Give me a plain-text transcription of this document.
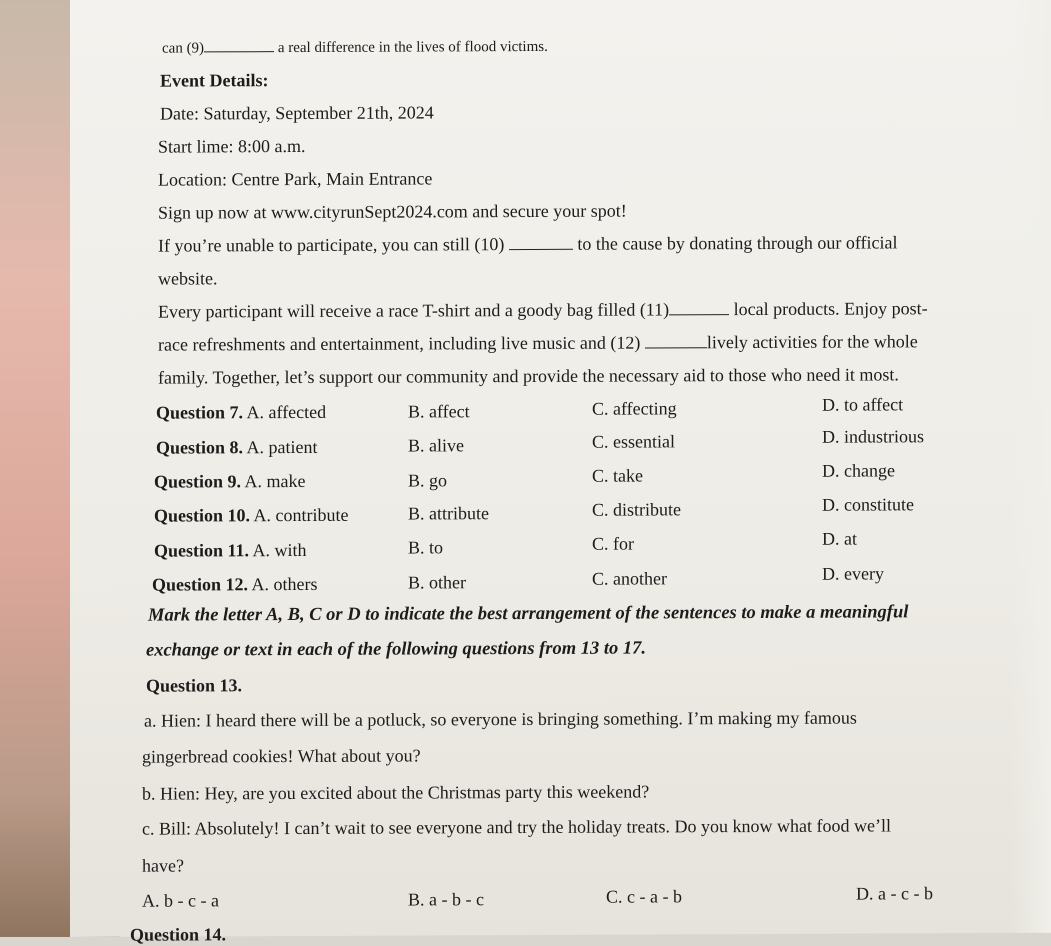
can (9)	a real difference in the lives of flood victims.
Event Details:
Date: Saturday, September 21th, 2024
Start lime: 8:00 a.m.
Location: Centre Park, Main Entrance
Sign up now at www.cityrunSept2024.com and secure your spot!
If you’re unable to participate, you can still (10)	to the cause by donating through our official
website.
Every participant will receive a race T-shirt and a goody bag filled (11)	local products. Enjoy post-
race refreshments and entertainment, including live music and (12)	lively activities for the whole
family. Together, let’s support our community and provide the necessary aid to those who need it most.
Question 7. A. affected	B. affect	C. affecting	D. to affect
Question 8. A. patient	B. alive	C. essential	D. industrious
Question 9. A. make	B. go	C. take	D. change
Question 10. A. contribute	B. attribute	C. distribute	D. constitute
Question 11. A. with	B. to	C. for	D. at
Question 12. A. others	B. other	C. another	D. every
Mark the letter A, B, C or D to indicate the best arrangement of the sentences to make a meaningful
exchange or text in each of the following questions from 13 to 17.
Question 13.
a. Hien: I heard there will be a potluck, so everyone is bringing something. I’m making my famous
gingerbread cookies! What about you?
b. Hien: Hey, are you excited about the Christmas party this weekend?
c. Bill: Absolutely! I can’t wait to see everyone and try the holiday treats. Do you know what food we’ll
have?
A. b - c - a	B. a - b - c	C. c - a - b	D. a - c - b
Question 14.
